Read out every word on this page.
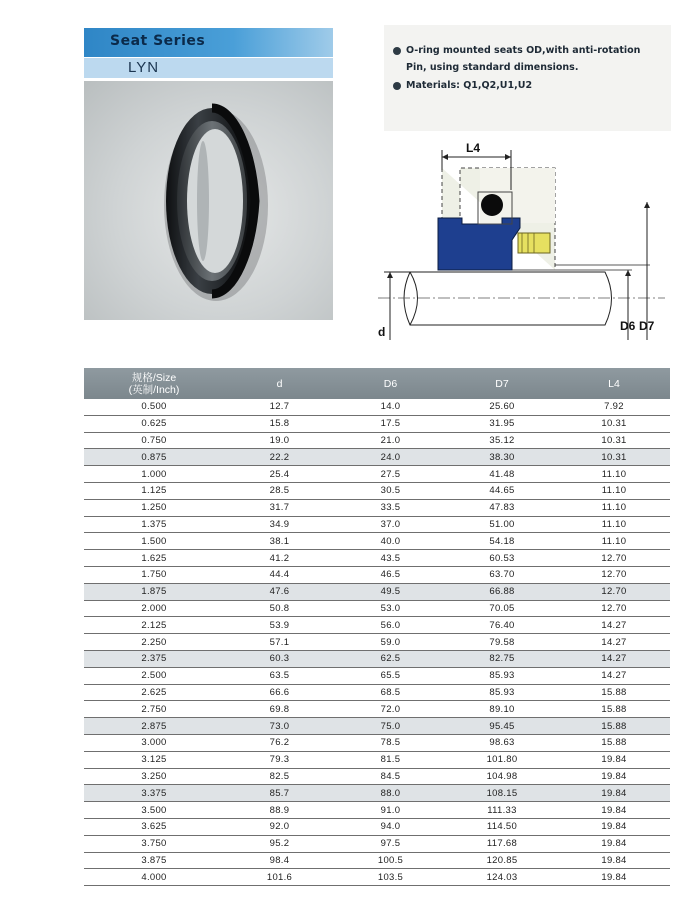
Seat Series
LYN
O-ring mounted seats OD,with anti-rotation
Pin, using standard dimensions.
Materials: Q1,Q2,U1,U2
L4
d	D6 D7
规格/Size
(英制/Inch)	d	D6	D7	L4
0.500	12.7	14.0	25.60	7.92
0.625	15.8	17.5	31.95	10.31
0.750	19.0	21.0	35.12	10.31
0.875	22.2	24.0	38.30	10.31
1.000	25.4	27.5	41.48	11.10
1.125	28.5	30.5	44.65	11.10
1.250	31.7	33.5	47.83	11.10
1.375	34.9	37.0	51.00	11.10
1.500	38.1	40.0	54.18	11.10
1.625	41.2	43.5	60.53	12.70
1.750	44.4	46.5	63.70	12.70
1.875	47.6	49.5	66.88	12.70
2.000	50.8	53.0	70.05	12.70
2.125	53.9	56.0	76.40	14.27
2.250	57.1	59.0	79.58	14.27
2.375	60.3	62.5	82.75	14.27
2.500	63.5	65.5	85.93	14.27
2.625	66.6	68.5	85.93	15.88
2.750	69.8	72.0	89.10	15.88
2.875	73.0	75.0	95.45	15.88
3.000	76.2	78.5	98.63	15.88
3.125	79.3	81.5	101.80	19.84
3.250	82.5	84.5	104.98	19.84
3.375	85.7	88.0	108.15	19.84
3.500	88.9	91.0	111.33	19.84
3.625	92.0	94.0	114.50	19.84
3.750	95.2	97.5	117.68	19.84
3.875	98.4	100.5	120.85	19.84
4.000	101.6	103.5	124.03	19.84
